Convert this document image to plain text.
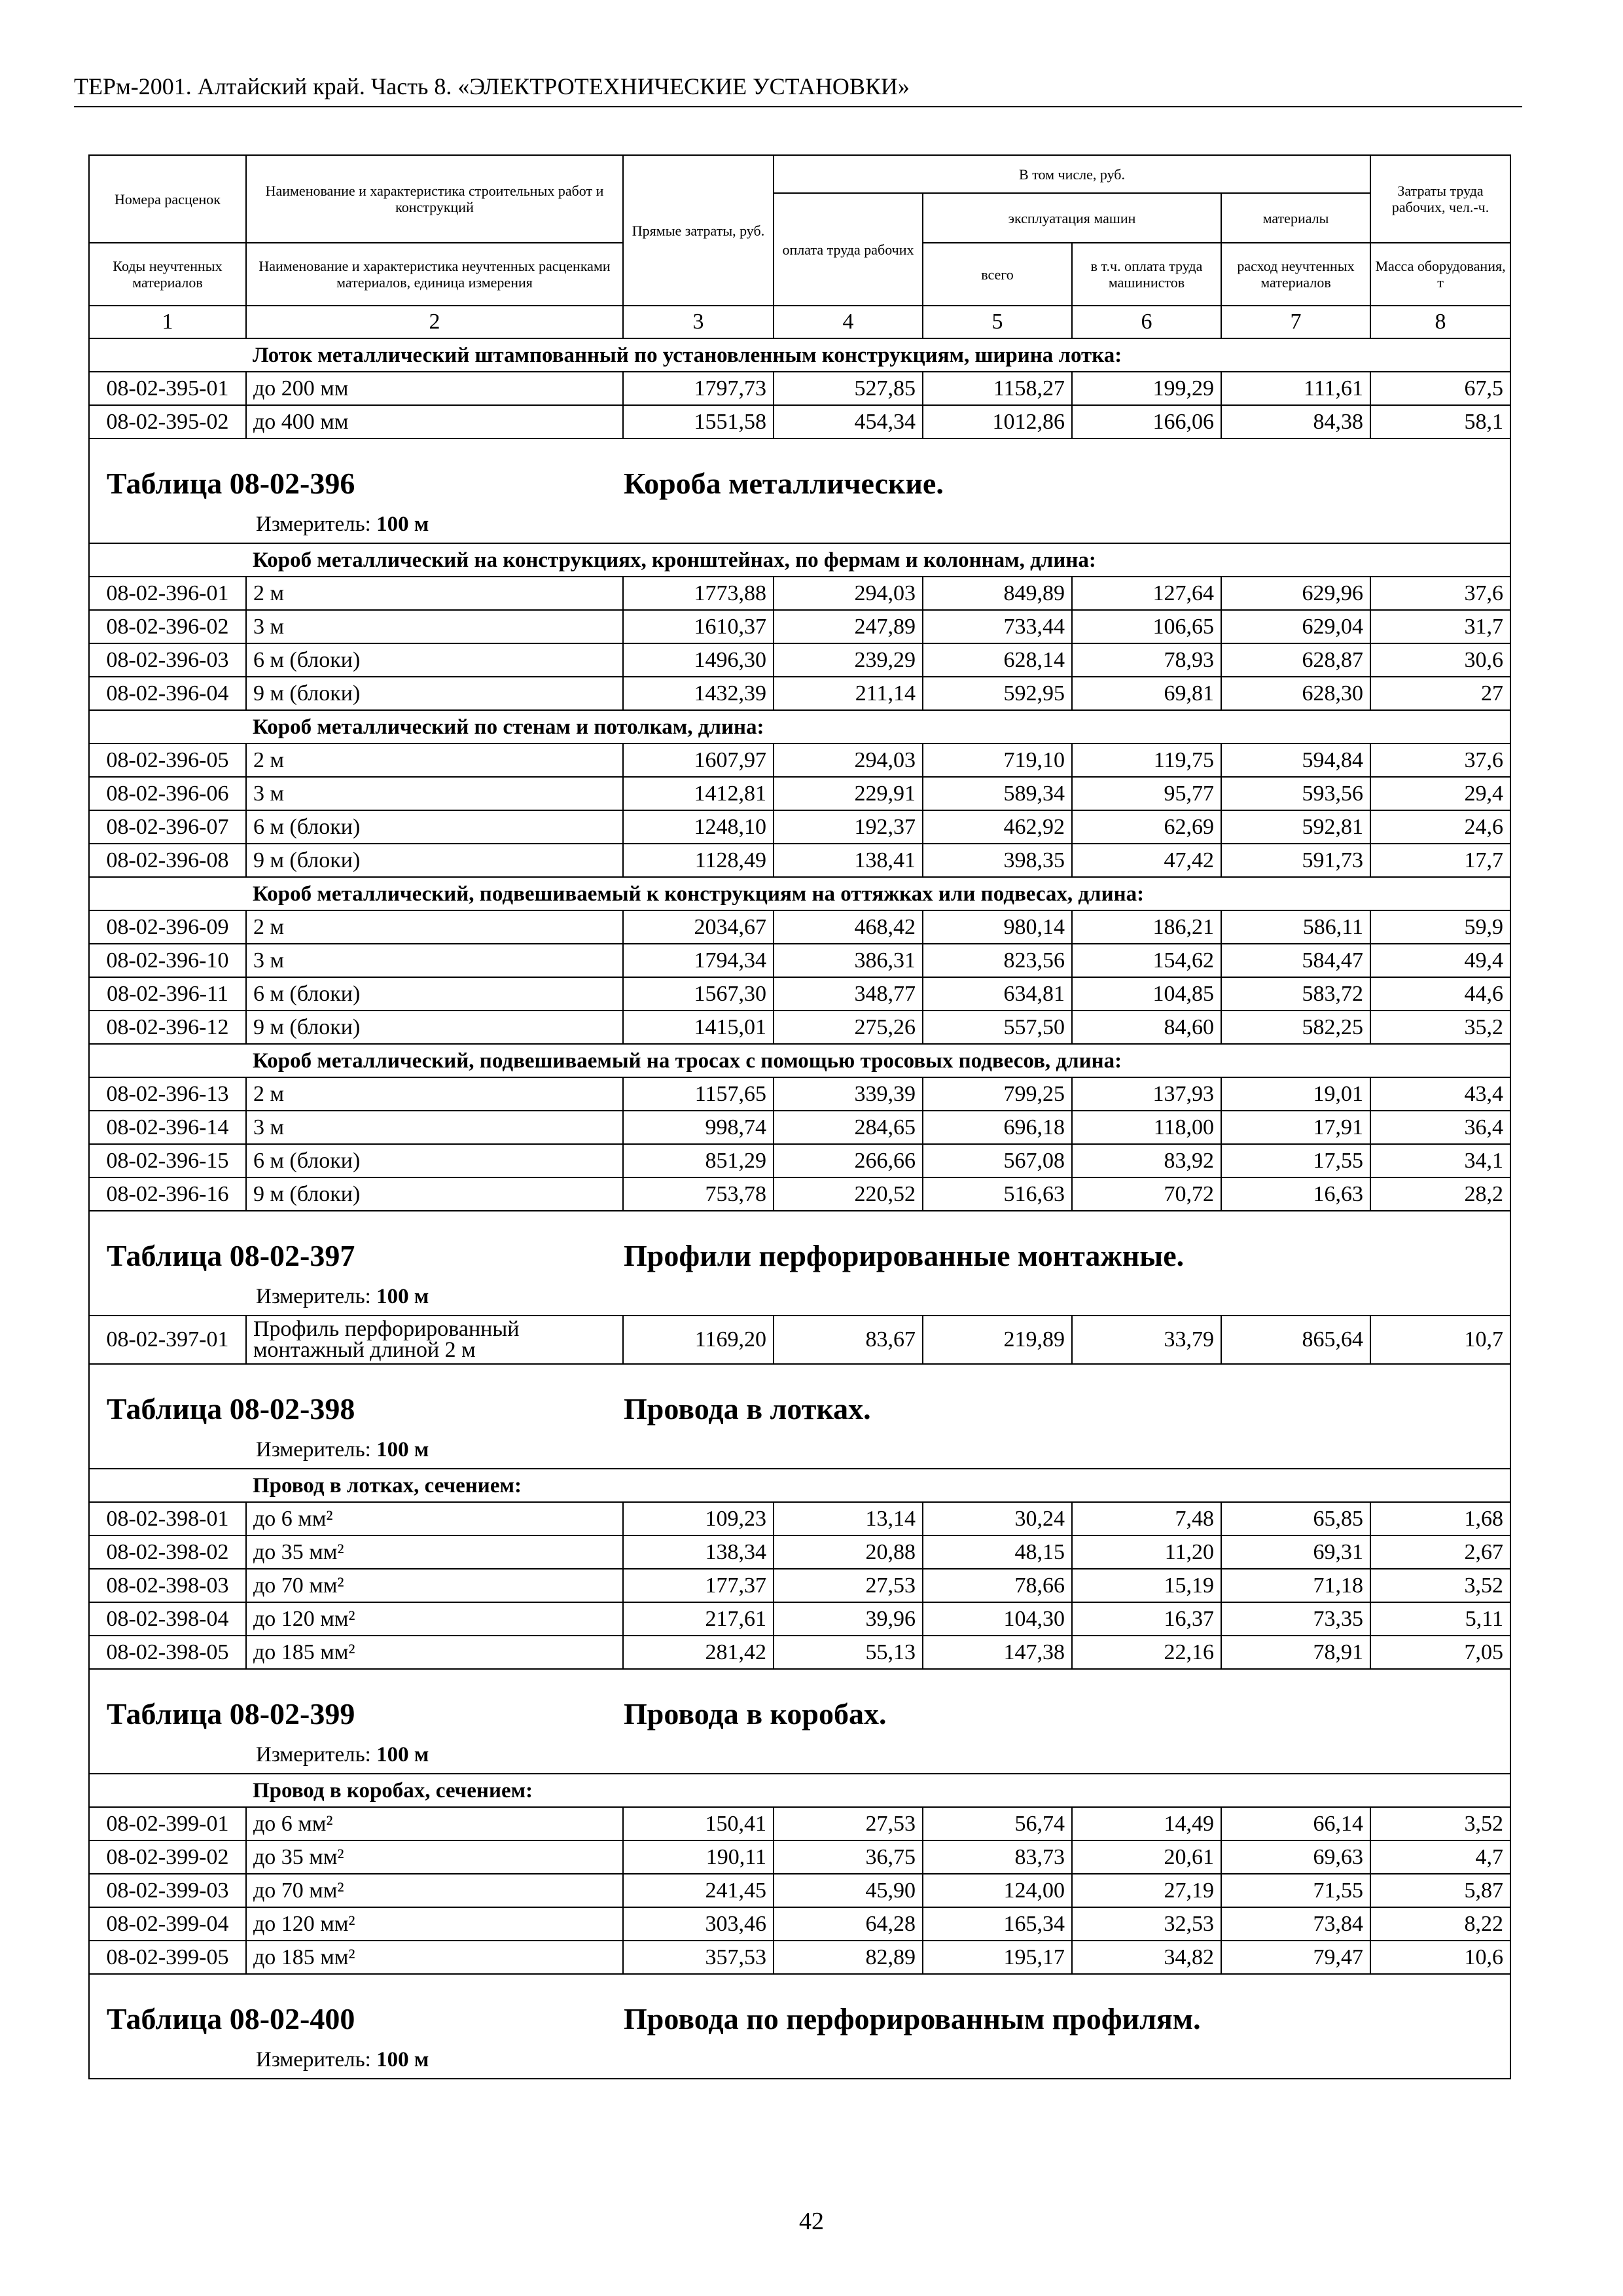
ТЕРм-2001. Алтайский край. Часть 8. «ЭЛЕКТРОТЕХНИЧЕСКИЕ УСТАНОВКИ»
Номера расценок	Наименование и характеристика строительных работ и конструкций	Прямые затраты, руб.	В том числе, руб.				Затраты труда рабочих, чел.-ч.
			оплата труда рабочих	эксплуатация машин		материалы	
Коды неучтенных материалов	Наименование и характеристика неучтенных расценками материалов, единица измерения			всего	в т.ч. оплата труда машинистов	расход неучтенных материалов	Масса оборудования, т

1	2	3	4	5	6	7	8
	Лоток металлический штампованный по установленным конструкциям, ширина лотка:						
08-02-395-01	до 200 мм	1797,73	527,85	1158,27	199,29	111,61	67,5
08-02-395-02	до 400 мм	1551,58	454,34	1012,86	166,06	84,38	58,1

Таблица 08-02-396 Короба металлические.
Измеритель: 100 м							

	Короб металлический на конструкциях, кронштейнах, по фермам и колоннам, длина:						
08-02-396-01	2 м	1773,88	294,03	849,89	127,64	629,96	37,6
08-02-396-02	3 м	1610,37	247,89	733,44	106,65	629,04	31,7
08-02-396-03	6 м (блоки)	1496,30	239,29	628,14	78,93	628,87	30,6
08-02-396-04	9 м (блоки)	1432,39	211,14	592,95	69,81	628,30	27
	Короб металлический по стенам и потолкам, длина:						
08-02-396-05	2 м	1607,97	294,03	719,10	119,75	594,84	37,6
08-02-396-06	3 м	1412,81	229,91	589,34	95,77	593,56	29,4
08-02-396-07	6 м (блоки)	1248,10	192,37	462,92	62,69	592,81	24,6
08-02-396-08	9 м (блоки)	1128,49	138,41	398,35	47,42	591,73	17,7
	Короб металлический, подвешиваемый к конструкциям на оттяжках или подвесах, длина:						
08-02-396-09	2 м	2034,67	468,42	980,14	186,21	586,11	59,9
08-02-396-10	3 м	1794,34	386,31	823,56	154,62	584,47	49,4
08-02-396-11	6 м (блоки)	1567,30	348,77	634,81	104,85	583,72	44,6
08-02-396-12	9 м (блоки)	1415,01	275,26	557,50	84,60	582,25	35,2
	Короб металлический, подвешиваемый на тросах с помощью тросовых подвесов, длина:						
08-02-396-13	2 м	1157,65	339,39	799,25	137,93	19,01	43,4
08-02-396-14	3 м	998,74	284,65	696,18	118,00	17,91	36,4
08-02-396-15	6 м (блоки)	851,29	266,66	567,08	83,92	17,55	34,1
08-02-396-16	9 м (блоки)	753,78	220,52	516,63	70,72	16,63	28,2

Таблица 08-02-397 Профили перфорированные монтажные.
Измеритель: 100 м							

08-02-397-01	Профиль перфорированный монтажный длиной 2 м	1169,20	83,67	219,89	33,79	865,64	10,7

Таблица 08-02-398 Провода в лотках.
Измеритель: 100 м							

	Провод в лотках, сечением:						
08-02-398-01	до 6 мм²	109,23	13,14	30,24	7,48	65,85	1,68
08-02-398-02	до 35 мм²	138,34	20,88	48,15	11,20	69,31	2,67
08-02-398-03	до 70 мм²	177,37	27,53	78,66	15,19	71,18	3,52
08-02-398-04	до 120 мм²	217,61	39,96	104,30	16,37	73,35	5,11
08-02-398-05	до 185 мм²	281,42	55,13	147,38	22,16	78,91	7,05

Таблица 08-02-399 Провода в коробах.
Измеритель: 100 м							

	Провод в коробах, сечением:						
08-02-399-01	до 6 мм²	150,41	27,53	56,74	14,49	66,14	3,52
08-02-399-02	до 35 мм²	190,11	36,75	83,73	20,61	69,63	4,7
08-02-399-03	до 70 мм²	241,45	45,90	124,00	27,19	71,55	5,87
08-02-399-04	до 120 мм²	303,46	64,28	165,34	32,53	73,84	8,22
08-02-399-05	до 185 мм²	357,53	82,89	195,17	34,82	79,47	10,6

Таблица 08-02-400 Провода по перфорированным профилям.
Измеритель: 100 м							
42
